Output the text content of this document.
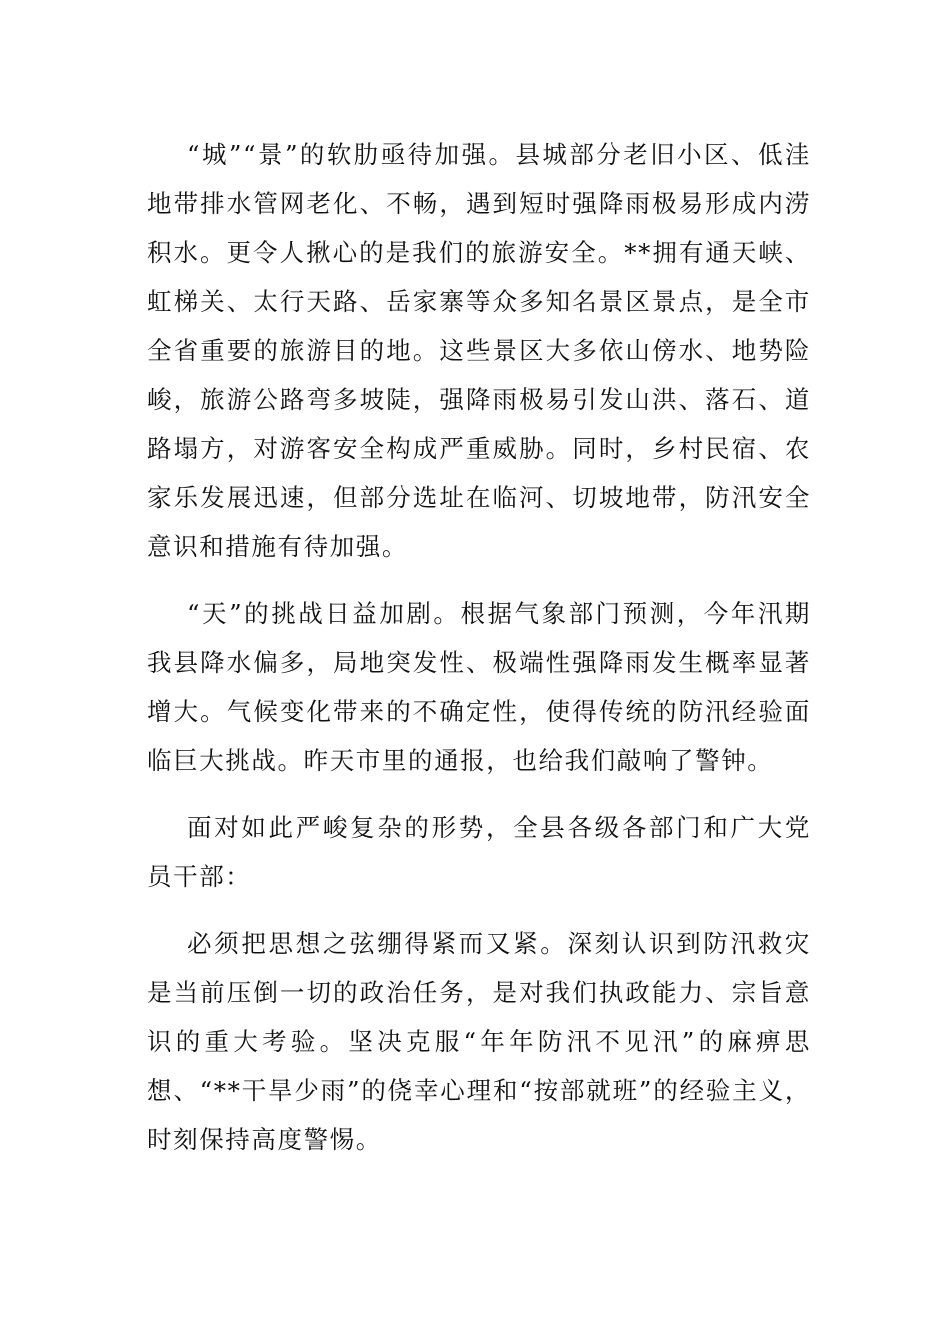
“城”“景”的软肋亟待加强。县城部分老旧小区、低洼地带排水管网老化、不畅，遇到短时强降雨极易形成内涝积水。更令人揪心的是我们的旅游安全。**拥有通天峡、虹梯关、太行天路、岳家寨等众多知名景区景点，是全市全省重要的旅游目的地。这些景区大多依山傍水、地势险峻，旅游公路弯多坡陡，强降雨极易引发山洪、落石、道路塌方，对游客安全构成严重威胁。同时，乡村民宿、农家乐发展迅速，但部分选址在临河、切坡地带，防汛安全意识和措施有待加强。

“天”的挑战日益加剧。根据气象部门预测，今年汛期我县降水偏多，局地突发性、极端性强降雨发生概率显著增大。气候变化带来的不确定性，使得传统的防汛经验面临巨大挑战。昨天市里的通报，也给我们敲响了警钟。

面对如此严峻复杂的形势，全县各级各部门和广大党员干部：

必须把思想之弦绷得紧而又紧。深刻认识到防汛救灾是当前压倒一切的政治任务，是对我们执政能力、宗旨意识的重大考验。坚决克服“年年防汛不见汛”的麻痹思想、“**干旱少雨”的侥幸心理和“按部就班”的经验主义，时刻保持高度警惕。
